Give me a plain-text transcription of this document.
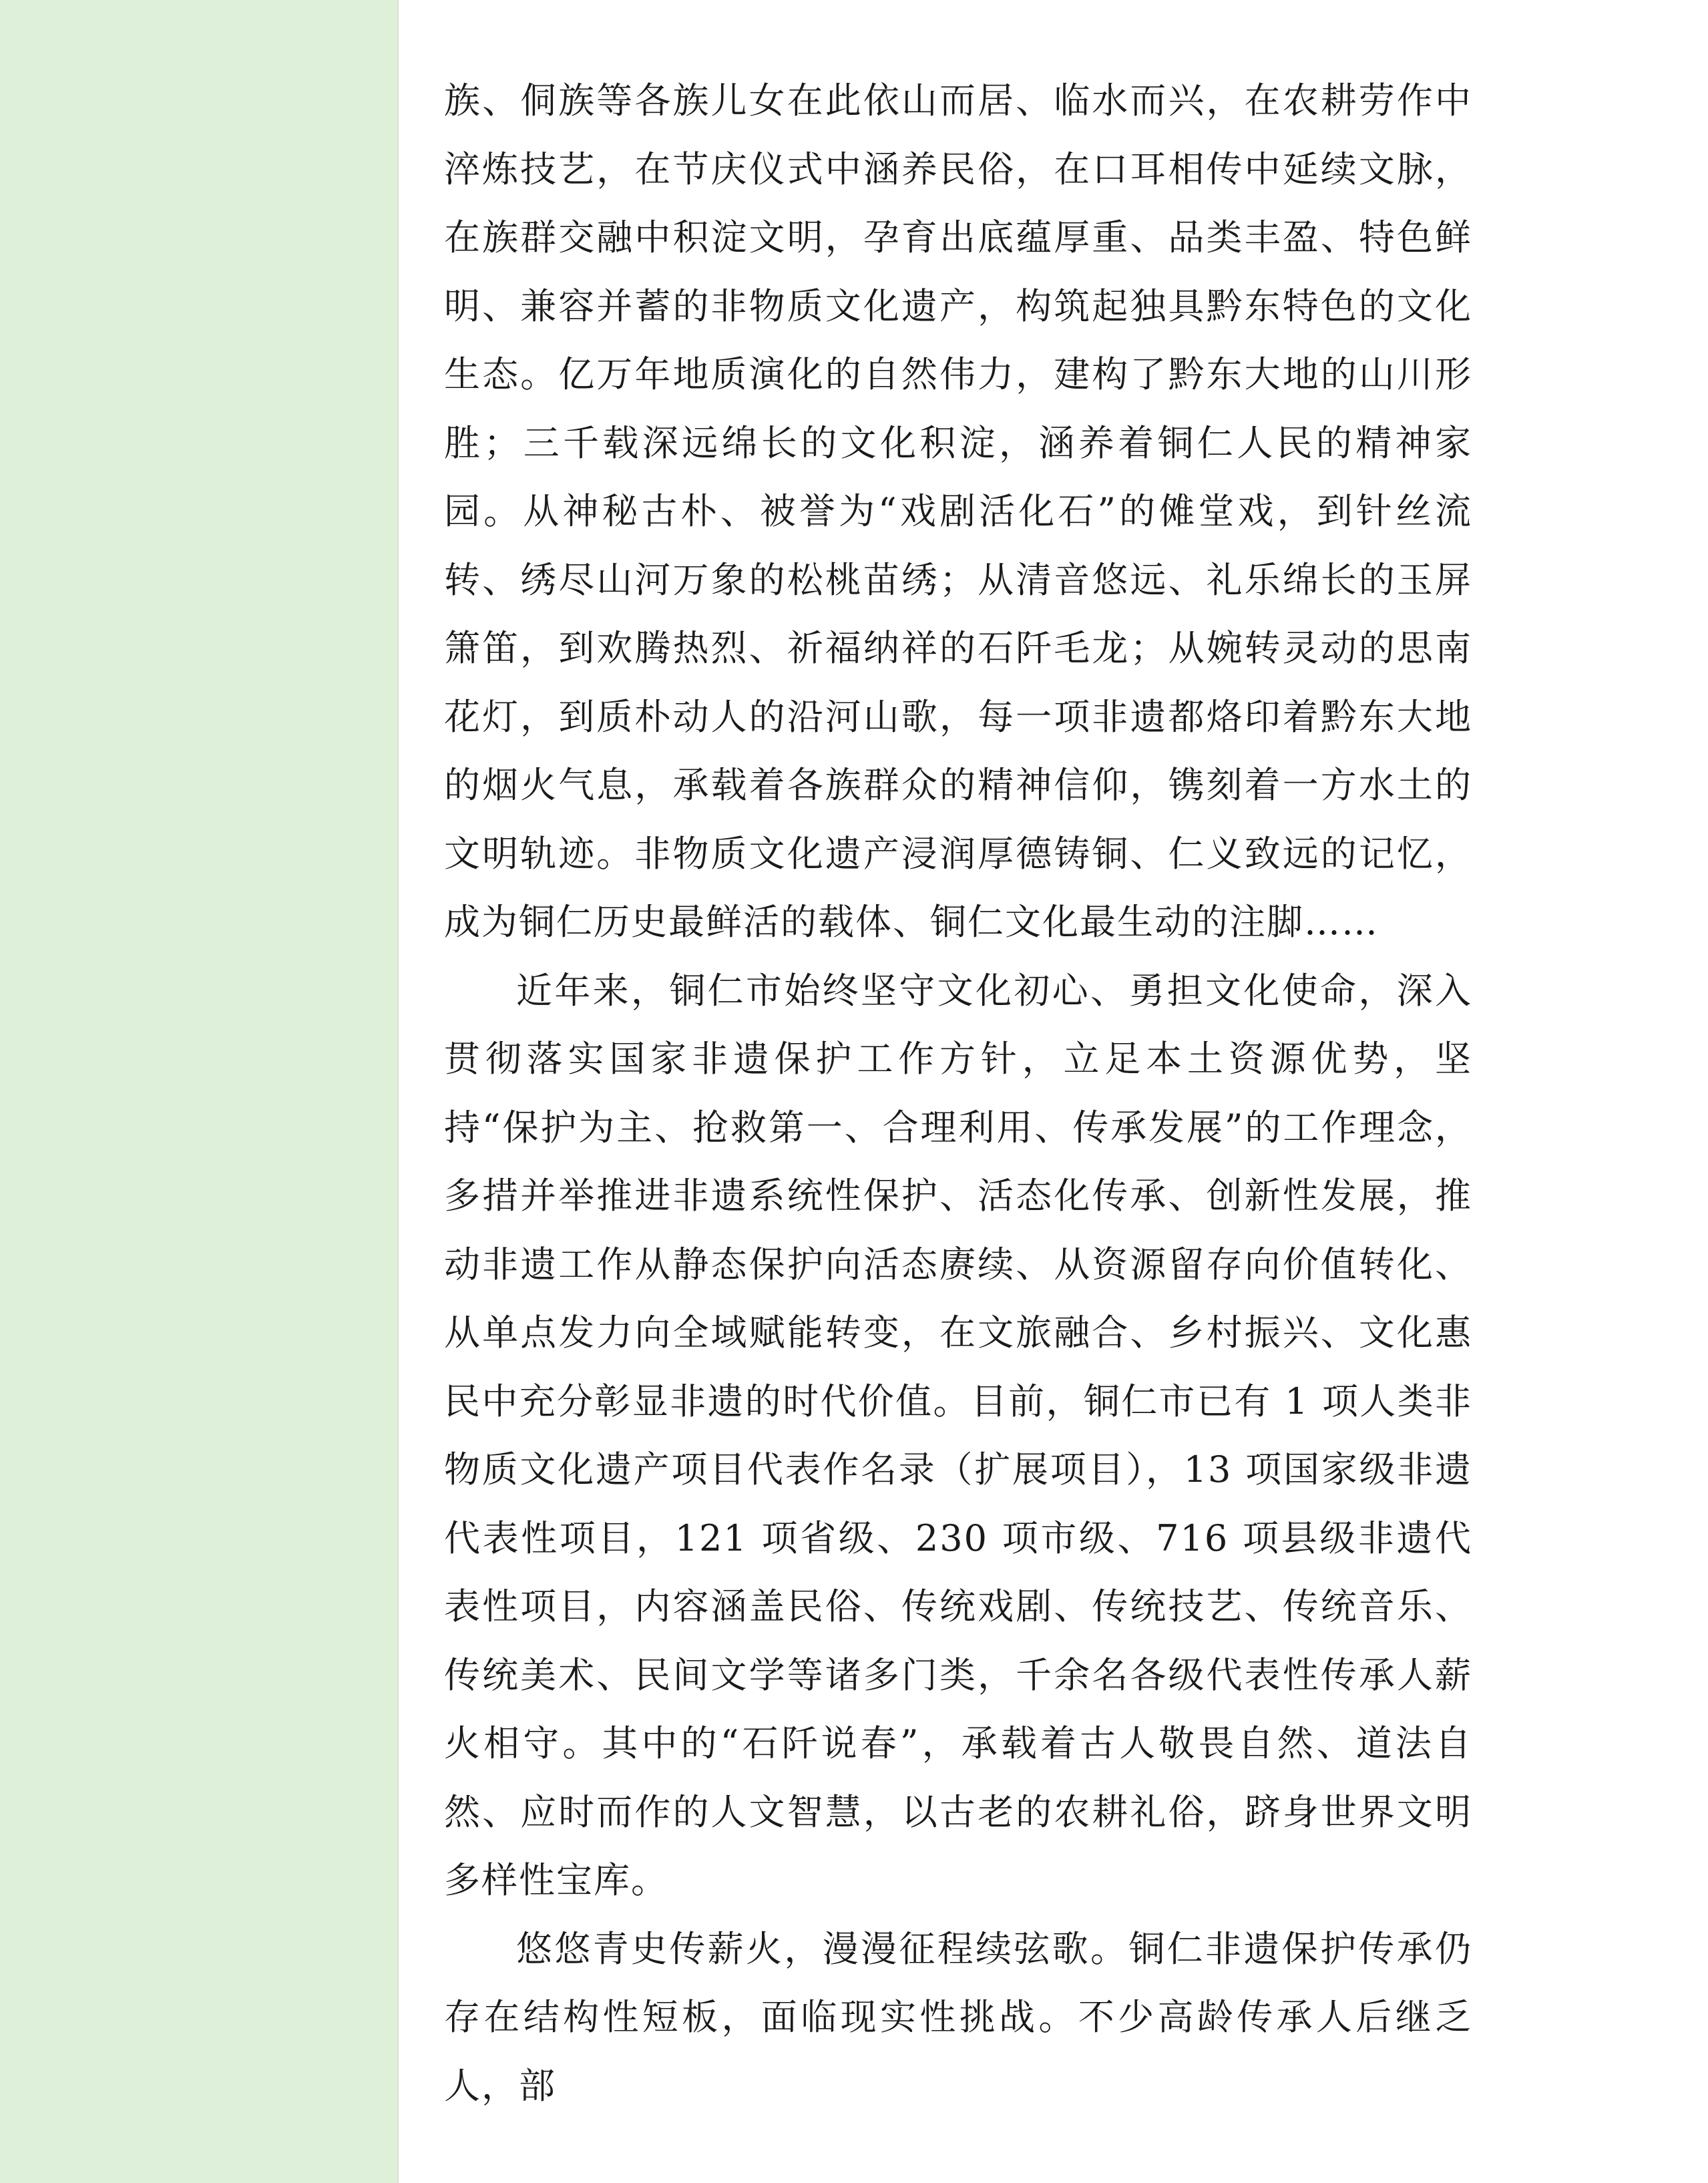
族、侗族等各族儿女在此依山而居、临水而兴，在农耕劳作中淬炼技艺，在节庆仪式中涵养民俗，在口耳相传中延续文脉，在族群交融中积淀文明，孕育出底蕴厚重、品类丰盈、特色鲜明、兼容并蓄的非物质文化遗产，构筑起独具黔东特色的文化生态。亿万年地质演化的自然伟力，建构了黔东大地的山川形胜；三千载深远绵长的文化积淀，涵养着铜仁人民的精神家园。从神秘古朴、被誉为“戏剧活化石”的傩堂戏，到针丝流转、绣尽山河万象的松桃苗绣；从清音悠远、礼乐绵长的玉屏箫笛，到欢腾热烈、祈福纳祥的石阡毛龙；从婉转灵动的思南花灯，到质朴动人的沿河山歌，每一项非遗都烙印着黔东大地的烟火气息，承载着各族群众的精神信仰，镌刻着一方水土的文明轨迹。非物质文化遗产浸润厚德铸铜、仁义致远的记忆，成为铜仁历史最鲜活的载体、铜仁文化最生动的注脚……

近年来，铜仁市始终坚守文化初心、勇担文化使命，深入贯彻落实国家非遗保护工作方针，立足本土资源优势，坚持“保护为主、抢救第一、合理利用、传承发展”的工作理念，多措并举推进非遗系统性保护、活态化传承、创新性发展，推动非遗工作从静态保护向活态赓续、从资源留存向价值转化、从单点发力向全域赋能转变，在文旅融合、乡村振兴、文化惠民中充分彰显非遗的时代价值。目前，铜仁市已有 1 项人类非物质文化遗产项目代表作名录（扩展项目），13 项国家级非遗代表性项目，121 项省级、230 项市级、716 项县级非遗代表性项目，内容涵盖民俗、传统戏剧、传统技艺、传统音乐、传统美术、民间文学等诸多门类，千余名各级代表性传承人薪火相守。其中的“石阡说春”，承载着古人敬畏自然、道法自然、应时而作的人文智慧，以古老的农耕礼俗，跻身世界文明多样性宝库。

悠悠青史传薪火，漫漫征程续弦歌。铜仁非遗保护传承仍存在结构性短板，面临现实性挑战。不少高龄传承人后继乏人，部
